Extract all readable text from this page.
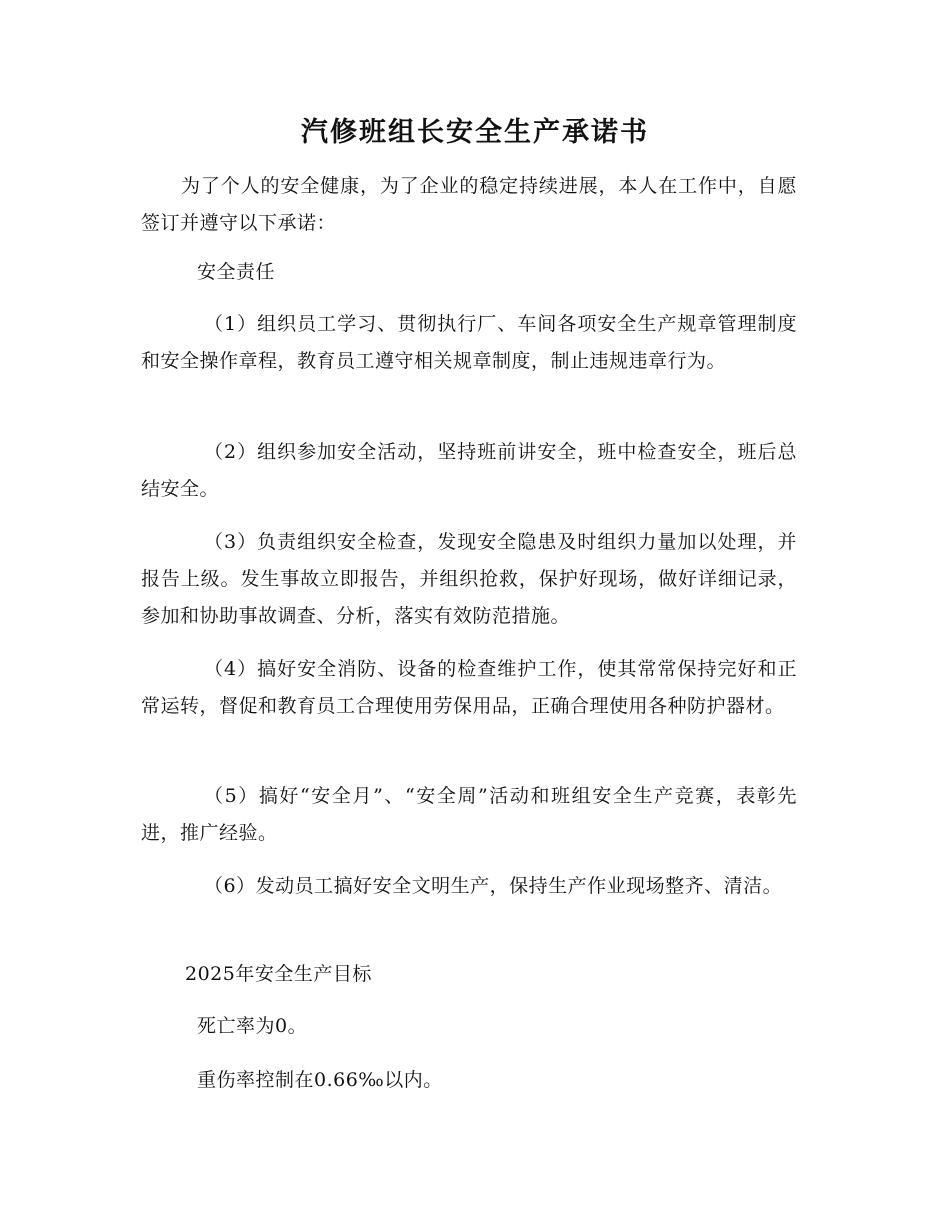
汽修班组长安全生产承诺书

为了个人的安全健康，为了企业的稳定持续进展，本人在工作中，自愿签订并遵守以下承诺：

安全责任

（1）组织员工学习、贯彻执行厂、车间各项安全生产规章管理制度和安全操作章程，教育员工遵守相关规章制度，制止违规违章行为。

（2）组织参加安全活动，坚持班前讲安全，班中检查安全，班后总结安全。

（3）负责组织安全检查，发现安全隐患及时组织力量加以处理，并报告上级。发生事故立即报告，并组织抢救，保护好现场，做好详细记录，参加和协助事故调查、分析，落实有效防范措施。

（4）搞好安全消防、设备的检查维护工作，使其常常保持完好和正常运转，督促和教育员工合理使用劳保用品，正确合理使用各种防护器材。

（5）搞好“安全月”、“安全周”活动和班组安全生产竞赛，表彰先进，推广经验。

（6）发动员工搞好安全文明生产，保持生产作业现场整齐、清洁。

2025年安全生产目标

死亡率为0。

重伤率控制在0.66‰以内。
